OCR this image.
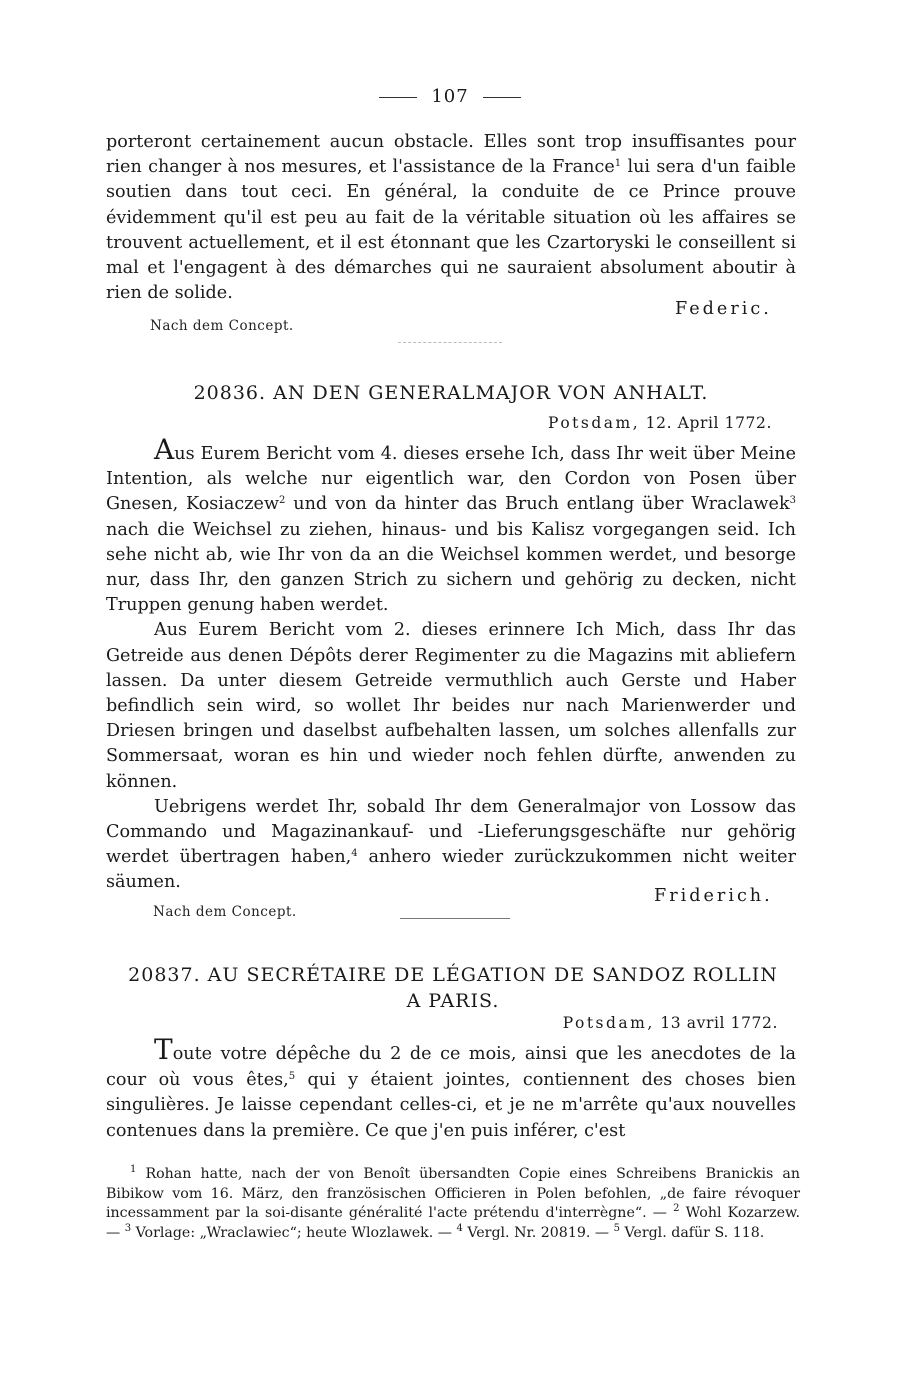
107

porteront certainement aucun obstacle. Elles sont trop insuffisantes pour rien changer à nos mesures, et l'assistance de la France$^1$ lui sera d'un faible soutien dans tout ceci. En général, la conduite de ce Prince prouve évidemment qu'il est peu au fait de la véritable situation où les affaires se trouvent actuellement, et il est étonnant que les Czartoryski le conseillent si mal et l'engagent à des démarches qui ne sauraient absolument aboutir à rien de solide.

Federic.
Nach dem Concept.
20836. AN DEN GENERALMAJOR VON ANHALT.
Potsdam, 12. April 1772.

Aus Eurem Bericht vom 4. dieses ersehe Ich, dass Ihr weit über Meine Intention, als welche nur eigentlich war, den Cordon von Posen über Gnesen, Kosiaczew$^2$ und von da hinter das Bruch entlang über Wraclawek$^3$ nach die Weichsel zu ziehen, hinaus- und bis Kalisz vorgegangen seid. Ich sehe nicht ab, wie Ihr von da an die Weichsel kommen werdet, und besorge nur, dass Ihr, den ganzen Strich zu sichern und gehörig zu decken, nicht Truppen genung haben werdet.

Aus Eurem Bericht vom 2. dieses erinnere Ich Mich, dass Ihr das Getreide aus denen Dépôts derer Regimenter zu die Magazins mit abliefern lassen. Da unter diesem Getreide vermuthlich auch Gerste und Haber befindlich sein wird, so wollet Ihr beides nur nach Marienwerder und Driesen bringen und daselbst aufbehalten lassen, um solches allenfalls zur Sommersaat, woran es hin und wieder noch fehlen dürfte, anwenden zu können.

Uebrigens werdet Ihr, sobald Ihr dem Generalmajor von Lossow das Commando und Magazinankauf- und -Lieferungsgeschäfte nur gehörig werdet übertragen haben,$^4$ anhero wieder zurückzukommen nicht weiter säumen.

Friderich.
Nach dem Concept.
20837. AU SECRÉTAIRE DE LÉGATION DE SANDOZ ROLLIN
A PARIS.
Potsdam, 13 avril 1772.

Toute votre dépêche du 2 de ce mois, ainsi que les anecdotes de la cour où vous êtes,$^5$ qui y étaient jointes, contiennent des choses bien singulières. Je laisse cependant celles-ci, et je ne m'arrête qu'aux nouvelles contenues dans la première. Ce que j'en puis inférer, c'est

$^1$ Rohan hatte, nach der von Benoît übersandten Copie eines Schreibens Branickis an Bibikow vom 16. März, den französischen Officieren in Polen befohlen, „de faire révoquer incessamment par la soi-disante généralité l'acte prétendu d'interrègne“. — $^2$ Wohl Kozarzew. — $^3$ Vorlage: „Wraclawiec“; heute Wlozlawek. — $^4$ Vergl. Nr. 20819. — $^5$ Vergl. dafür S. 118.
